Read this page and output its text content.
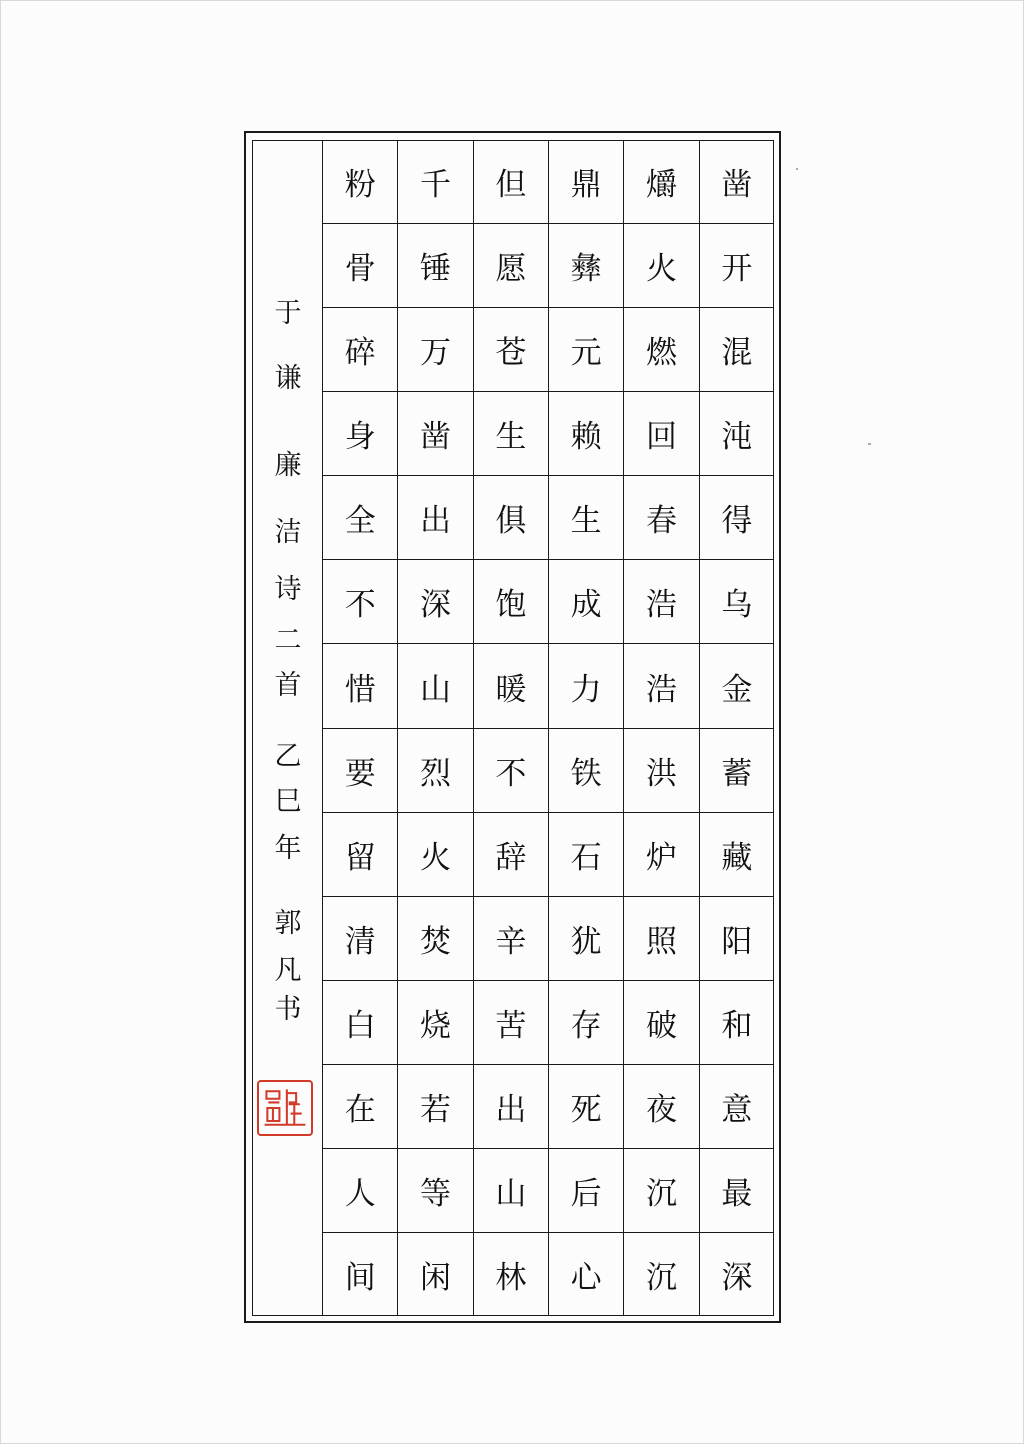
凿
开
混
沌
得
乌
金
蓄
藏
阳
和
意
最
深
爝
火
燃
回
春
浩
浩
洪
炉
照
破
夜
沉
沉
鼎
彝
元
赖
生
成
力
铁
石
犹
存
死
后
心
但
愿
苍
生
俱
饱
暖
不
辞
辛
苦
出
山
林
千
锤
万
凿
出
深
山
烈
火
焚
烧
若
等
闲
粉
骨
碎
身
全
不
惜
要
留
清
白
在
人
间
于
谦
廉
洁
诗
二
首
乙
巳
年
郭
凡
书
